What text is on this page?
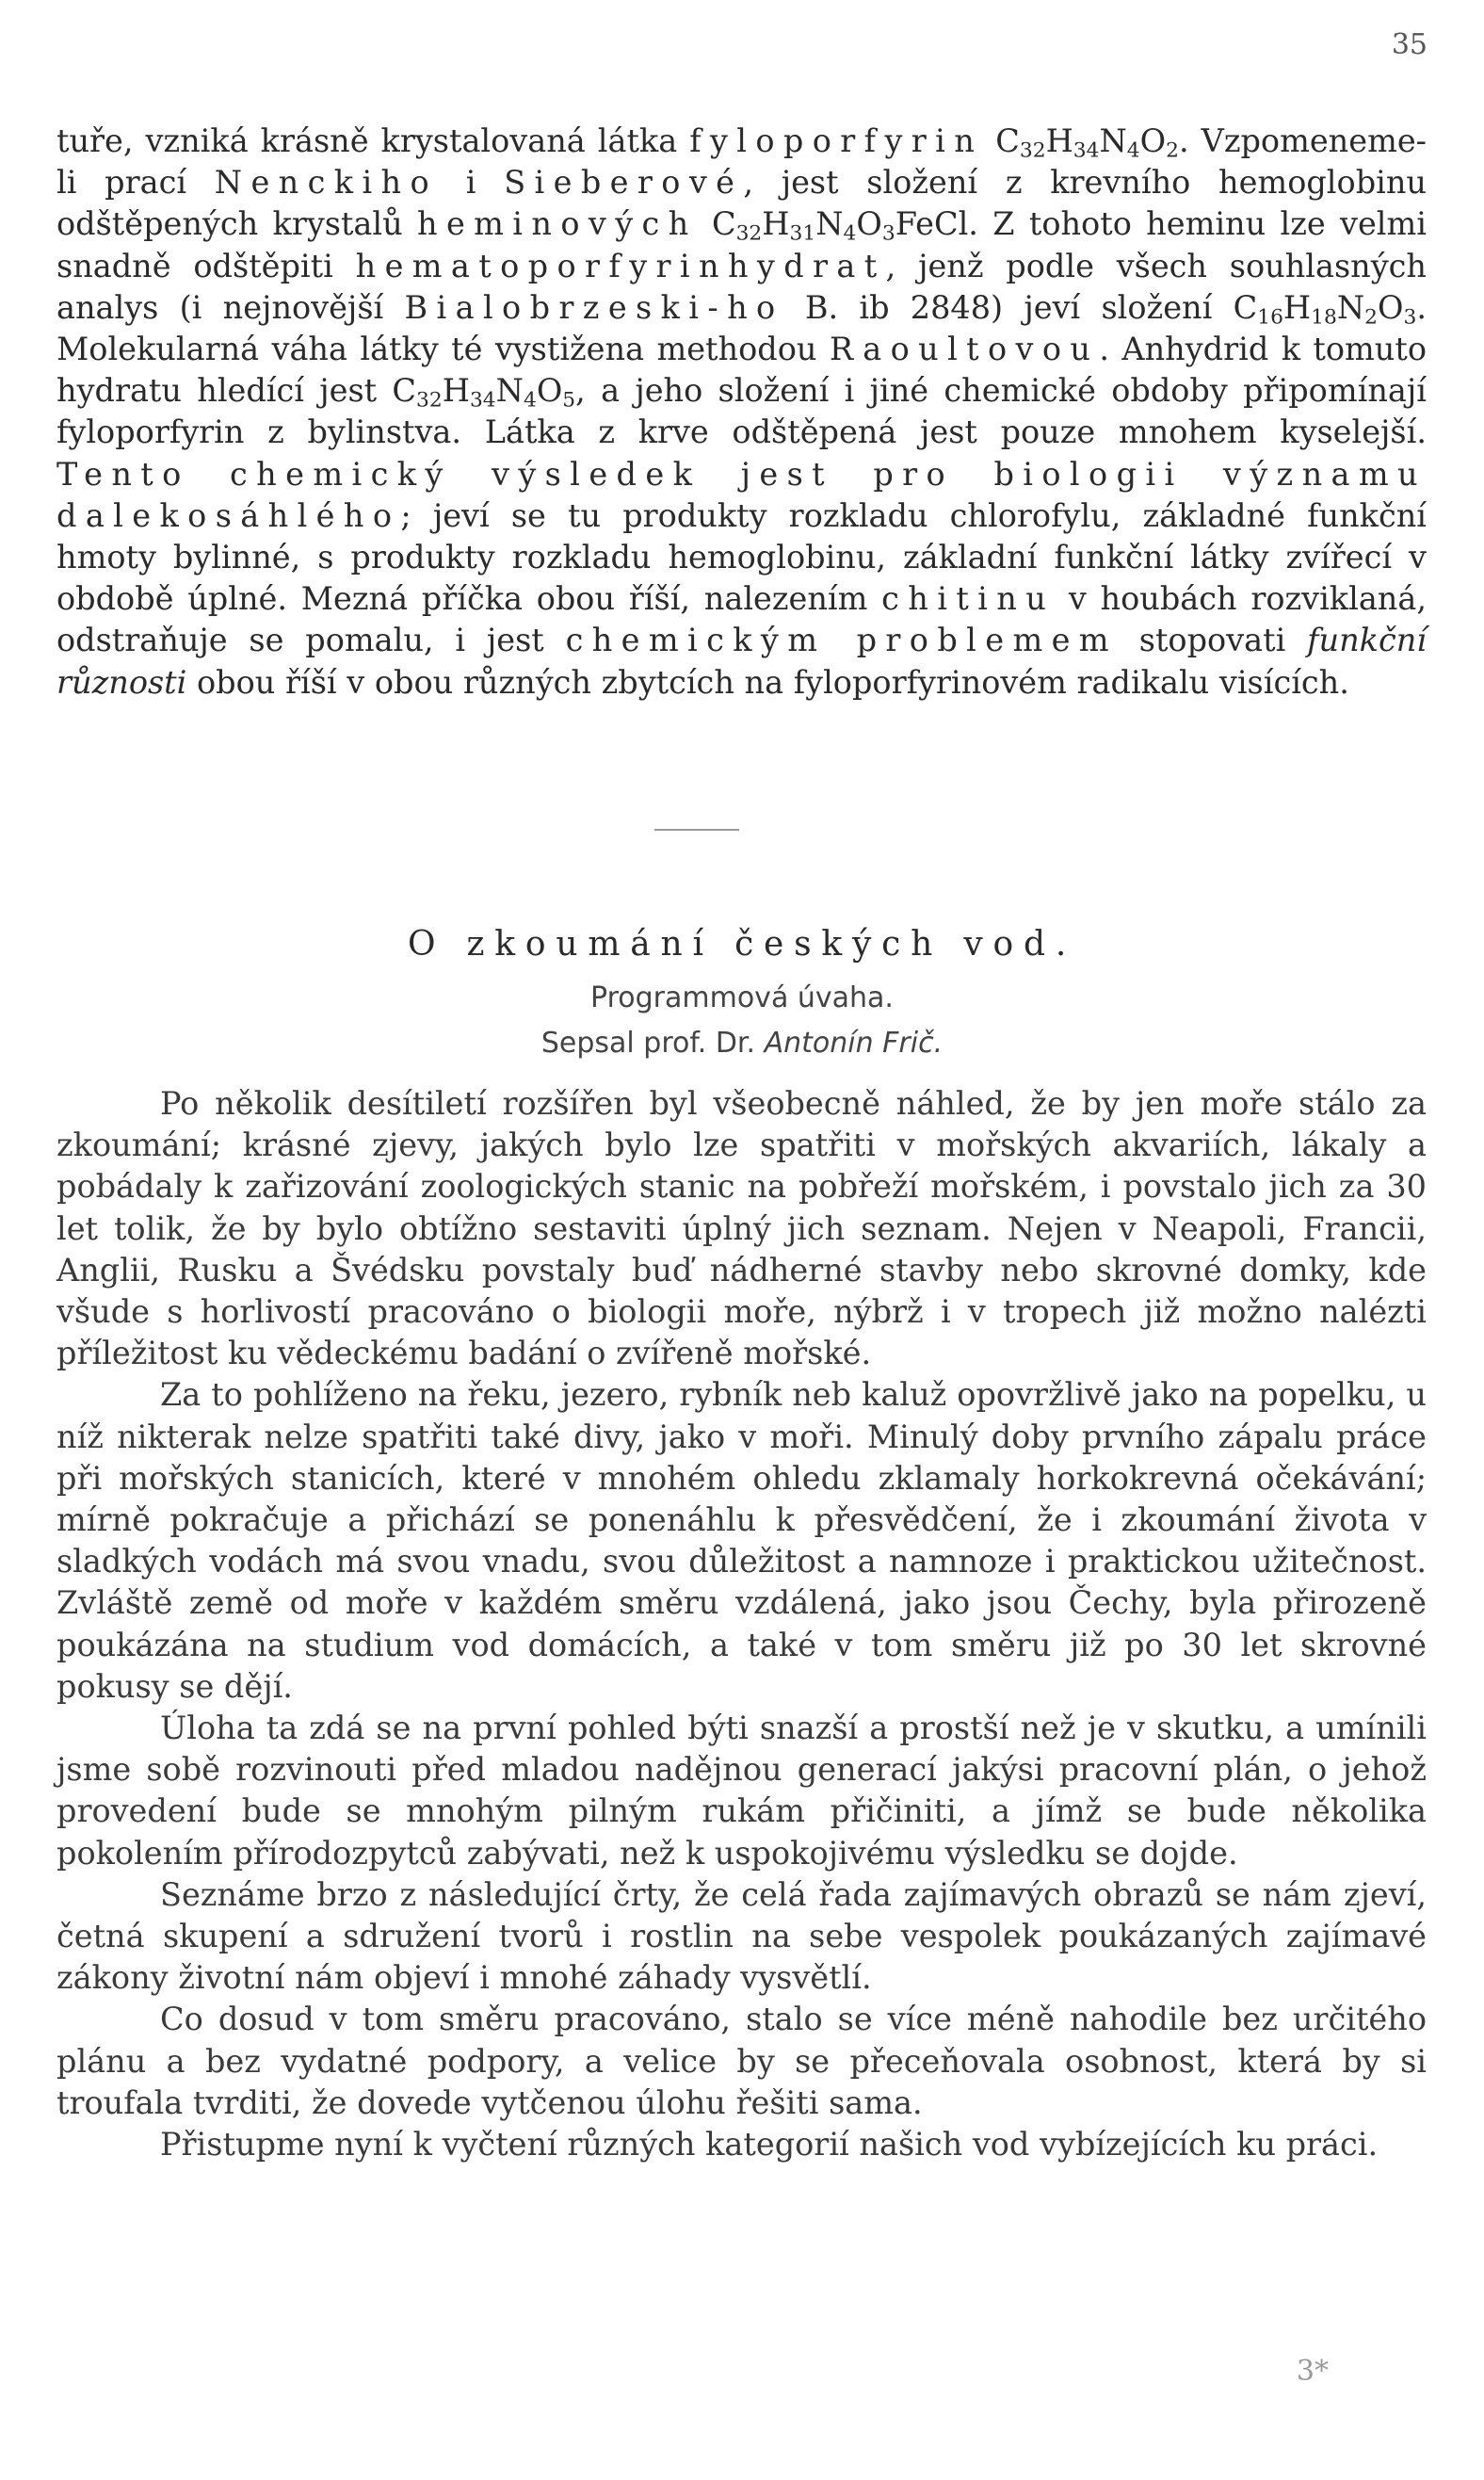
35

tuře, vzniká krásně krystalovaná látka fyloporfyrin $C_{32}H_{34}N_4O_2$. Vzpomeneme-li prací Nenckiho i Sieberové, jest složení z krevního hemoglobinu odštěpených krystalů heminových $C_{32}H_{31}N_4O_3FeCl$. Z tohoto heminu lze velmi snadně odštěpiti hematoporfyrinhydrat, jenž podle všech souhlasných analys (i nejnovější Bialobrzeski-ho B. ib 2848) jeví složení $C_{16}H_{18}N_2O_3$. Molekularná váha látky té vystižena methodou Raoultovou. Anhydrid k tomuto hydratu hledící jest $C_{32}H_{34}N_4O_5$, a jeho složení i jiné chemické obdoby připomínají fyloporfyrin z bylinstva. Látka z krve odštěpená jest pouze mnohem kyselejší. Tento chemický výsledek jest pro biologii významu dalekosáhlého; jeví se tu produkty rozkladu chlorofylu, základné funkční hmoty bylinné, s produkty rozkladu hemoglobinu, základní funkční látky zvířecí v obdobě úplné. Mezná příčka obou říší, nalezením chitinu v houbách rozviklaná, odstraňuje se pomalu, i jest chemickým problemem stopovati funkční různosti obou říší v obou různých zbytcích na fyloporfyrinovém radikalu visících.

O zkoumání českých vod.
Programmová úvaha.
Sepsal prof. Dr. Antonín Frič.

Po několik desítiletí rozšířen byl všeobecně náhled, že by jen moře stálo za zkoumání; krásné zjevy, jakých bylo lze spatřiti v mořských akvariích, lákaly a pobádaly k zařizování zoologických stanic na pobřeží mořském, i povstalo jich za 30 let tolik, že by bylo obtížno sestaviti úplný jich seznam. Nejen v Neapoli, Francii, Anglii, Rusku a Švédsku povstaly buď nádherné stavby nebo skrovné domky, kde všude s horlivostí pracováno o biologii moře, nýbrž i v tropech již možno nalézti příležitost ku vědeckému badání o zvířeně mořské.

Za to pohlíženo na řeku, jezero, rybník neb kaluž opovržlivě jako na popelku, u níž nikterak nelze spatřiti také divy, jako v moři. Minulý doby prvního zápalu práce při mořských stanicích, které v mnohém ohledu zklamaly horkokrevná očekávání; mírně pokračuje a přichází se ponenáhlu k přesvědčení, že i zkoumání života v sladkých vodách má svou vnadu, svou důležitost a namnoze i praktickou užitečnost. Zvláště země od moře v každém směru vzdálená, jako jsou Čechy, byla přirozeně poukázána na studium vod domácích, a také v tom směru již po 30 let skrovné pokusy se dějí.

Úloha ta zdá se na první pohled býti snazší a prostší než je v skutku, a umínili jsme sobě rozvinouti před mladou nadějnou generací jakýsi pracovní plán, o jehož provedení bude se mnohým pilným rukám přičiniti, a jímž se bude několika pokolením přírodozpytců zabývati, než k uspokojivému výsledku se dojde.

Seznáme brzo z následující črty, že celá řada zajímavých obrazů se nám zjeví, četná skupení a sdružení tvorů i rostlin na sebe vespolek poukázaných zajímavé zákony životní nám objeví i mnohé záhady vysvětlí.

Co dosud v tom směru pracováno, stalo se více méně nahodile bez určitého plánu a bez vydatné podpory, a velice by se přeceňovala osobnost, která by si troufala tvrditi, že dovede vytčenou úlohu řešiti sama.

Přistupme nyní k vyčtení různých kategorií našich vod vybízejících ku práci.

3*
